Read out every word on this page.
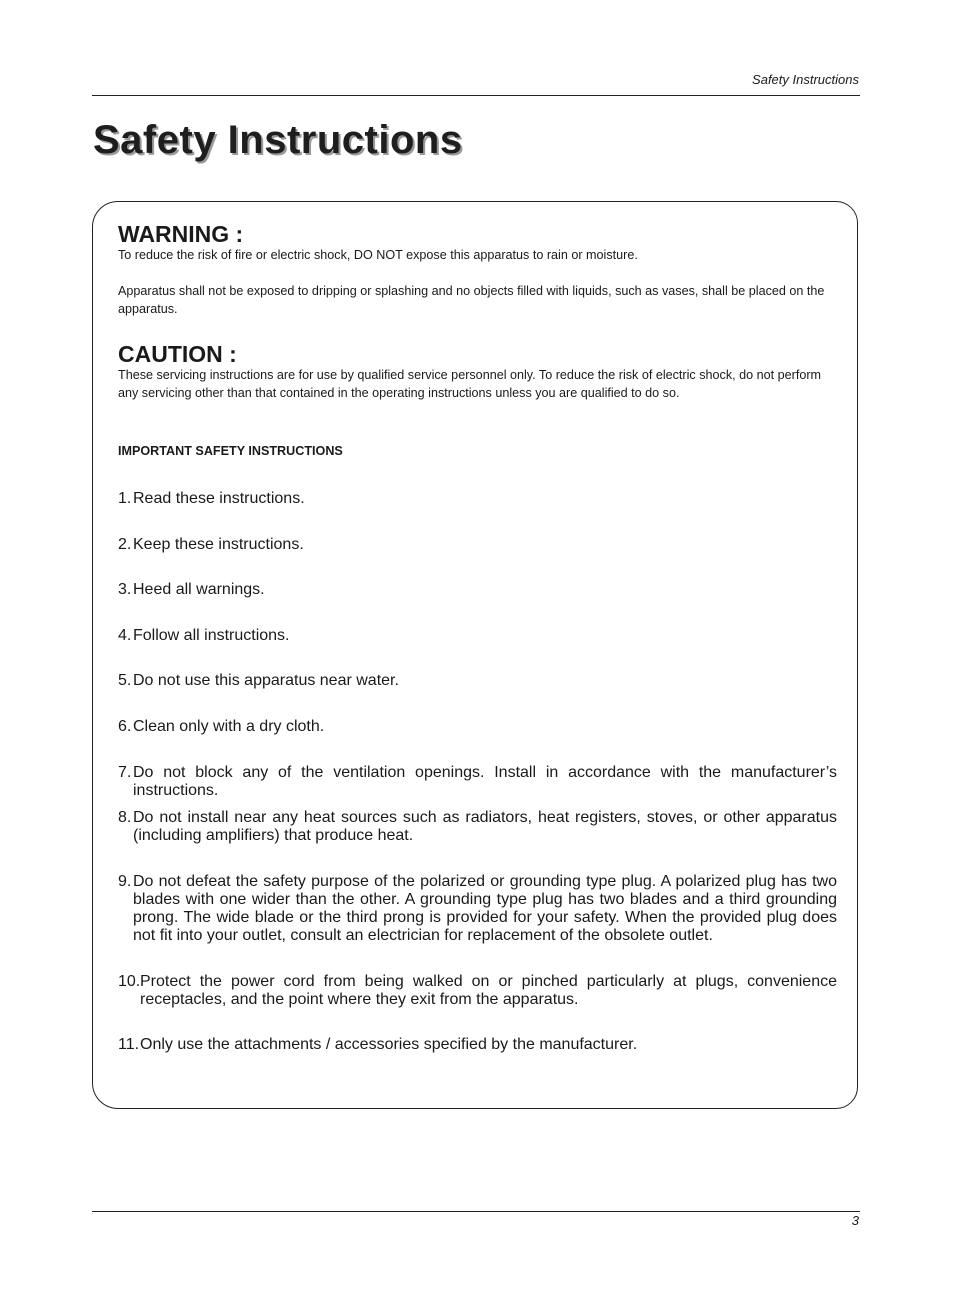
Safety Instructions
Safety Instructions
WARNING :

To reduce the risk of fire or electric shock, DO NOT expose this apparatus to rain or moisture.

Apparatus shall not be exposed to dripping or splashing and no objects filled with liquids, such as vases, shall be placed on the apparatus.

CAUTION :

These servicing instructions are for use by qualified service personnel only. To reduce the risk of electric shock, do not perform any servicing other than that contained in the operating instructions unless you are qualified to do so.

IMPORTANT SAFETY INSTRUCTIONS

1. Read these instructions.
2. Keep these instructions.
3. Heed all warnings.
4. Follow all instructions.
5. Do not use this apparatus near water.
6. Clean only with a dry cloth.
7. Do not block any of the ventilation openings. Install in accordance with the manufacturer’s instructions.
8. Do not install near any heat sources such as radiators, heat registers, stoves, or other apparatus (including amplifiers) that produce heat.
9. Do not defeat the safety purpose of the polarized or grounding type plug. A polarized plug has two blades with one wider than the other. A grounding type plug has two blades and a third grounding prong. The wide blade or the third prong is provided for your safety. When the provided plug does not fit into your outlet, consult an electrician for replacement of the obsolete outlet.
10. Protect the power cord from being walked on or pinched particularly at plugs, convenience receptacles, and the point where they exit from the apparatus.
11. Only use the attachments / accessories specified by the manufacturer.
3
